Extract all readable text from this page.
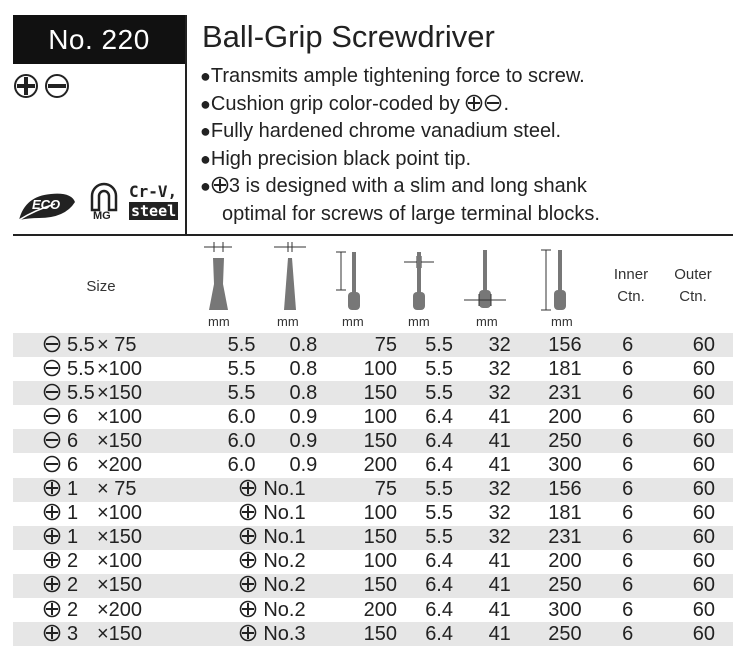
No. 220
ECO
MG
Cr-V,
steel
Ball-Grip Screwdriver
●Transmits ample tightening force to screw.
●Cushion grip color-coded by .
●Fully hardened chrome vanadium steel.
●High precision black point tip.
● 3 is designed with a slim and long shank
optimal for screws of large terminal blocks.
Size
mm	mm	mm	mm	mm	mm
Inner
Ctn.
Outer
Ctn.
5.5 × 75	5.5	0.8	75	5.5	32	156	6	60
5.5 ×100	5.5	0.8	100	5.5	32	181	6	60
5.5 ×150	5.5	0.8	150	5.5	32	231	6	60
6 ×100	6.0	0.9	100	6.4	41	200	6	60
6 ×150	6.0	0.9	150	6.4	41	250	6	60
6 ×200	6.0	0.9	200	6.4	41	300	6	60
1 × 75	No.1		75	5.5	32	156	6	60
1 ×100	No.1		100	5.5	32	181	6	60
1 ×150	No.1		150	5.5	32	231	6	60
2 ×100	No.2		100	6.4	41	200	6	60
2 ×150	No.2		150	6.4	41	250	6	60
2 ×200	No.2		200	6.4	41	300	6	60
3 ×150	No.3		150	6.4	41	250	6	60
